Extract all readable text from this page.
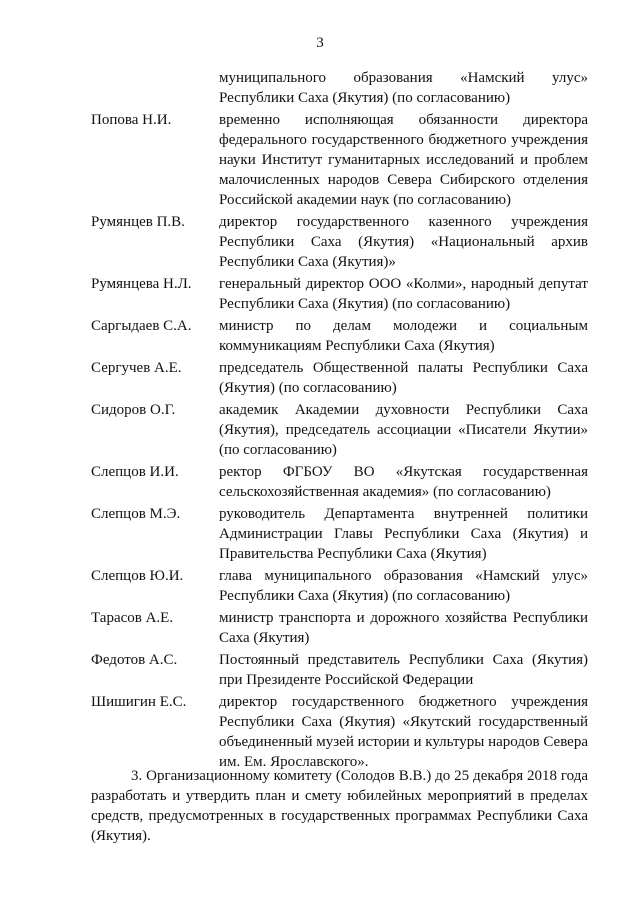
3
муниципального образования «Намский улус» Республики Саха (Якутия) (по согласованию)
Попова Н.И.	временно исполняющая обязанности директора федерального государственного бюджетного учреждения науки Институт гуманитарных исследований и проблем малочисленных народов Севера Сибирского отделения Российской академии наук (по согласованию)
Румянцев П.В.	директор государственного казенного учреждения Республики Саха (Якутия) «Национальный архив Республики Саха (Якутия)»
Румянцева Н.Л.	генеральный директор ООО «Колми», народный депутат Республики Саха (Якутия) (по согласованию)
Саргыдаев С.А.	министр по делам молодежи и социальным коммуникациям Республики Саха (Якутия)
Сергучев А.Е.	председатель Общественной палаты Республики Саха (Якутия) (по согласованию)
Сидоров О.Г.	академик Академии духовности Республики Саха (Якутия), председатель ассоциации «Писатели Якутии» (по согласованию)
Слепцов И.И.	ректор ФГБОУ ВО «Якутская государственная сельскохозяйственная академия» (по согласованию)
Слепцов М.Э.	руководитель Департамента внутренней политики Администрации Главы Республики Саха (Якутия) и Правительства Республики Саха (Якутия)
Слепцов Ю.И.	глава муниципального образования «Намский улус» Республики Саха (Якутия) (по согласованию)
Тарасов А.Е.	министр транспорта и дорожного хозяйства Республики Саха (Якутия)
Федотов А.С.	Постоянный представитель Республики Саха (Якутия) при Президенте Российской Федерации
Шишигин Е.С.	директор государственного бюджетного учреждения Республики Саха (Якутия) «Якутский государственный объединенный музей истории и культуры народов Севера им. Ем. Ярославского».
3. Организационному комитету (Солодов В.В.) до 25 декабря 2018 года разработать и утвердить план и смету юбилейных мероприятий в пределах средств, предусмотренных в государственных программах Республики Саха (Якутия).
